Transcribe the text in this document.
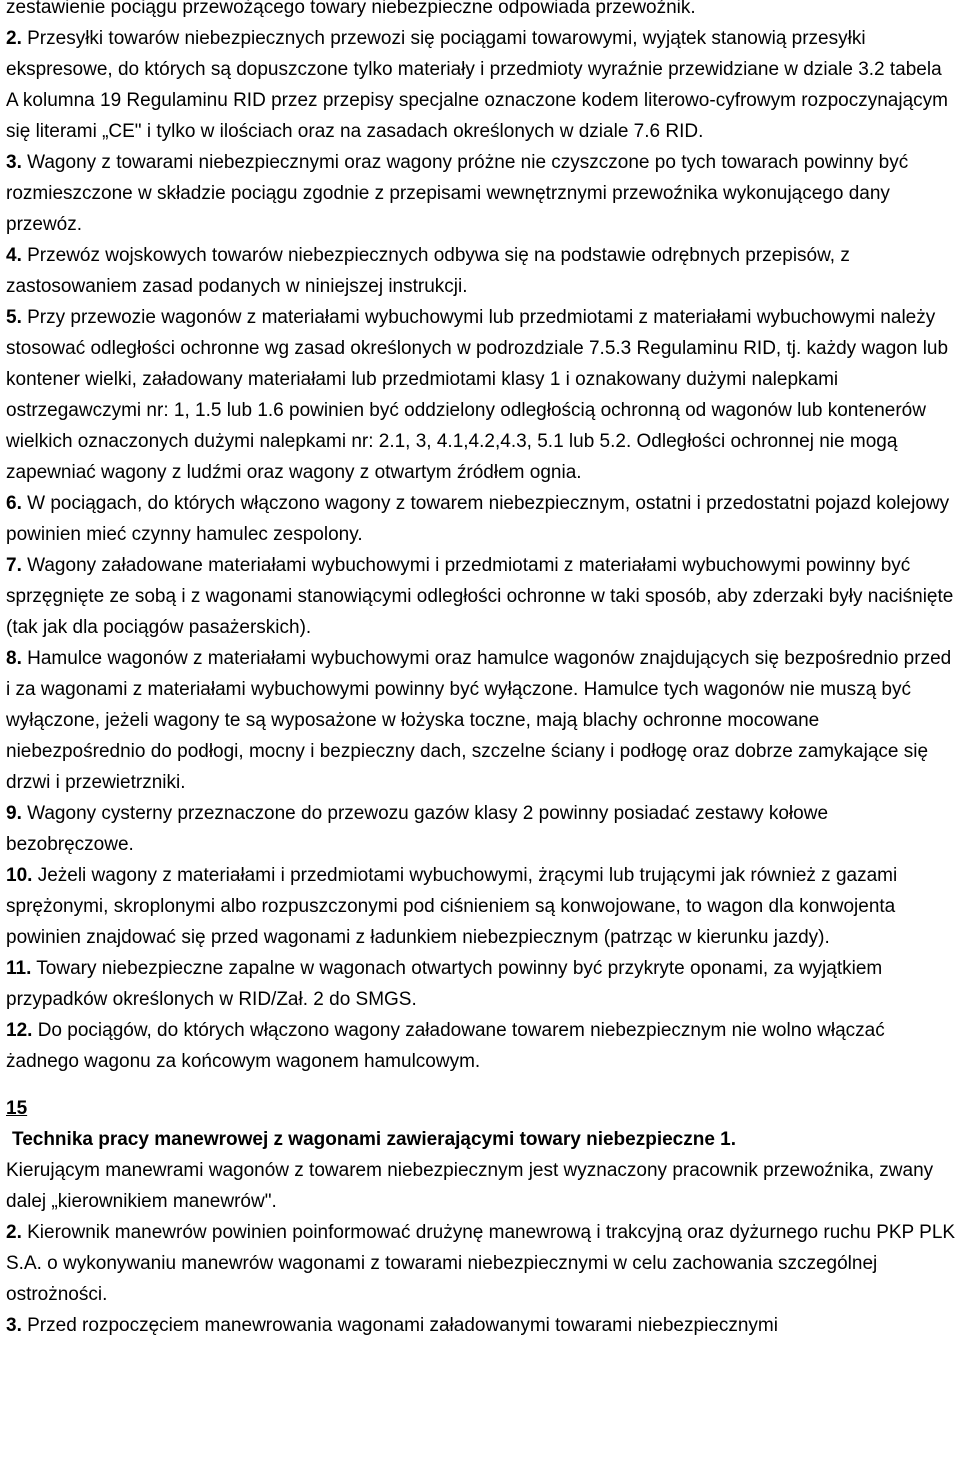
zestawienie pociągu przewożącego towary niebezpieczne odpowiada przewoźnik.

2. Przesyłki towarów niebezpiecznych przewozi się pociągami towarowymi, wyjątek stanowią przesyłki ekspresowe, do których są dopuszczone tylko materiały i przedmioty wyraźnie przewidziane w dziale 3.2 tabela A kolumna 19 Regulaminu RID przez przepisy specjalne oznaczone kodem literowo-cyfrowym rozpoczynającym się literami „CE" i tylko w ilościach oraz na zasadach określonych w dziale 7.6 RID.

3. Wagony z towarami niebezpiecznymi oraz wagony próżne nie czyszczone po tych towarach powinny być rozmieszczone w składzie pociągu zgodnie z przepisami wewnętrznymi przewoźnika wykonującego dany przewóz.

4. Przewóz wojskowych towarów niebezpiecznych odbywa się na podstawie odrębnych przepisów, z zastosowaniem zasad podanych w niniejszej instrukcji.

5. Przy przewozie wagonów z materiałami wybuchowymi lub przedmiotami z materiałami wybuchowymi należy stosować odległości ochronne wg zasad określonych w podrozdziale 7.5.3 Regulaminu RID, tj. każdy wagon lub kontener wielki, załadowany materiałami lub przedmiotami klasy 1 i oznakowany dużymi nalepkami ostrzegawczymi nr: 1, 1.5 lub 1.6 powinien być oddzielony odległością ochronną od wagonów lub kontenerów wielkich oznaczonych dużymi nalepkami nr: 2.1, 3, 4.1,4.2,4.3, 5.1 lub 5.2. Odległości ochronnej nie mogą zapewniać wagony z ludźmi oraz wagony z otwartym źródłem ognia.

6. W pociągach, do których włączono wagony z towarem niebezpiecznym, ostatni i przedostatni pojazd kolejowy powinien mieć czynny hamulec zespolony.

7. Wagony załadowane materiałami wybuchowymi i przedmiotami z materiałami wybuchowymi powinny być sprzęgnięte ze sobą i z wagonami stanowiącymi odległości ochronne w taki sposób, aby zderzaki były naciśnięte (tak jak dla pociągów pasażerskich).

8. Hamulce wagonów z materiałami wybuchowymi oraz hamulce wagonów znajdujących się bezpośrednio przed i za wagonami z materiałami wybuchowymi powinny być wyłączone. Hamulce tych wagonów nie muszą być wyłączone, jeżeli wagony te są wyposażone w łożyska toczne, mają blachy ochronne mocowane niebezpośrednio do podłogi, mocny i bezpieczny dach, szczelne ściany i podłogę oraz dobrze zamykające się drzwi i przewietrzniki.

9. Wagony cysterny przeznaczone do przewozu gazów klasy 2 powinny posiadać zestawy kołowe bezobręczowe.

10. Jeżeli wagony z materiałami i przedmiotami wybuchowymi, żrącymi lub trującymi jak również z gazami sprężonymi, skroplonymi albo rozpuszczonymi pod ciśnieniem są konwojowane, to wagon dla konwojenta powinien znajdować się przed wagonami z ładunkiem niebezpiecznym (patrząc w kierunku jazdy).

11. Towary niebezpieczne zapalne w wagonach otwartych powinny być przykryte oponami, za wyjątkiem przypadków określonych w RID/Zał. 2 do SMGS.

12. Do pociągów, do których włączono wagony załadowane towarem niebezpiecznym nie wolno włączać żadnego wagonu za końcowym wagonem hamulcowym.

15
Technika pracy manewrowej z wagonami zawierającymi towary niebezpieczne 1.

Kierującym manewrami wagonów z towarem niebezpiecznym jest wyznaczony pracownik przewoźnika, zwany dalej „kierownikiem manewrów".

2. Kierownik manewrów powinien poinformować drużynę manewrową i trakcyjną oraz dyżurnego ruchu PKP PLK S.A. o wykonywaniu manewrów wagonami z towarami niebezpiecznymi w celu zachowania szczególnej ostrożności.

3. Przed rozpoczęciem manewrowania wagonami załadowanymi towarami niebezpiecznymi
